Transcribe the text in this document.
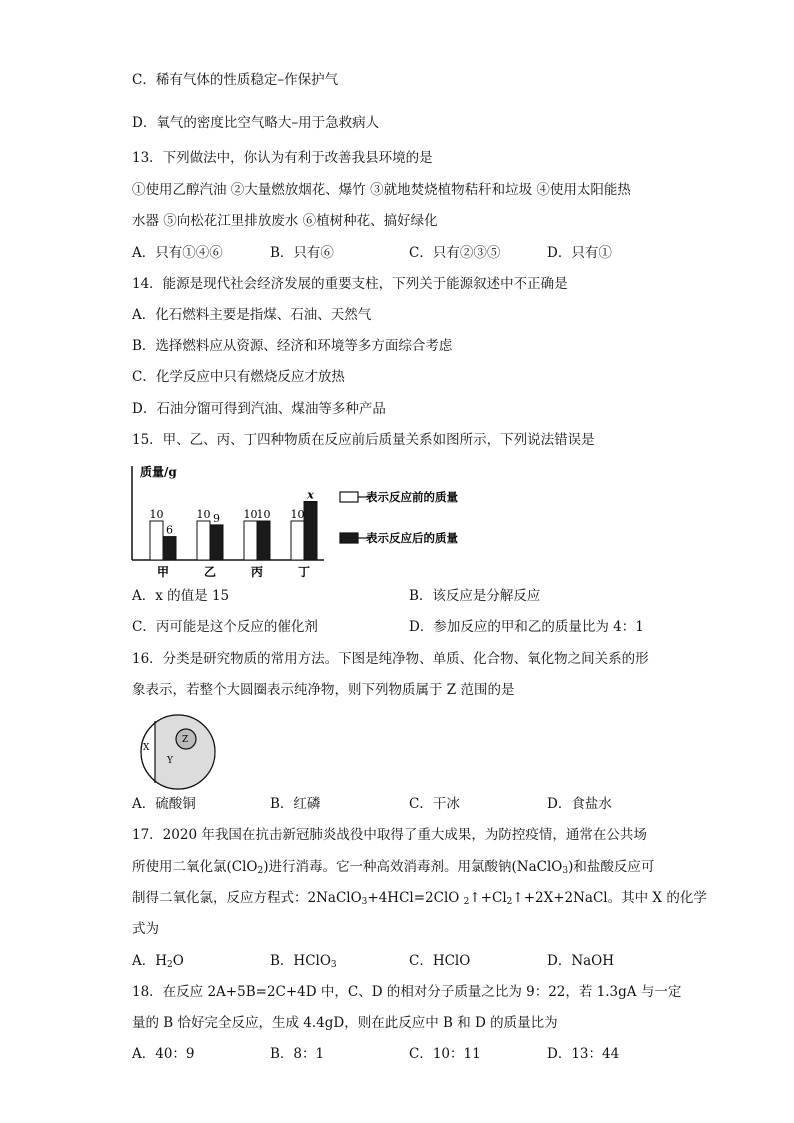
C．稀有气体的性质稳定–作保护气
D．氧气的密度比空气略大–用于急救病人
13．下列做法中，你认为有利于改善我县环境的是
①使用乙醇汽油 ②大量燃放烟花、爆竹 ③就地焚烧植物秸秆和垃圾 ④使用太阳能热
水器 ⑤向松花江里排放废水 ⑥植树种花、搞好绿化
A．只有①④⑥	B．只有⑥	C．只有②③⑤	D．只有①
14．能源是现代社会经济发展的重要支柱，下列关于能源叙述中不正确是
A．化石燃料主要是指煤、石油、天然气
B．选择燃料应从资源、经济和环境等多方面综合考虑
C．化学反应中只有燃烧反应才放热
D．石油分馏可得到汽油、煤油等多种产品
15．甲、乙、丙、丁四种物质在反应前后质量关系如图所示，下列说法错误是
质量/g
10
6
甲
10 9
乙
10 10
丙
10
x
丁
表示反应前的质量
表示反应后的质量
A．x 的值是 15	B．该反应是分解反应
C．丙可能是这个反应的催化剂	D．参加反应的甲和乙的质量比为 4：1
16．分类是研究物质的常用方法。下图是纯净物、单质、化合物、氧化物之间关系的形
象表示，若整个大圆圈表示纯净物，则下列物质属于 Z 范围的是
X
Y
Z
A．硫酸铜	B．红磷	C．干冰	D．食盐水
17．2020 年我国在抗击新冠肺炎战役中取得了重大成果，为防控疫情，通常在公共场
所使用二氧化氯(ClO$_2$)进行消毒。它一种高效消毒剂。用氯酸钠(NaClO$_3$)和盐酸反应可
制得二氧化氯，反应方程式：2NaClO$_3$+4HCl=2ClO $_2↑+Cl_2↑+2X+2NaCl$。其中 X 的化学
式为
A．$H_2O$	B．HClO$_3$	C．HClO	D．NaOH
18．在反应 2A+5B=2C+4D 中，C、D 的相对分子质量之比为 9：22，若 1.3gA 与一定
量的 B 恰好完全反应，生成 4.4gD，则在此反应中 B 和 D 的质量比为
A．40：9	B．8：1	C．10：11	D．13：44
